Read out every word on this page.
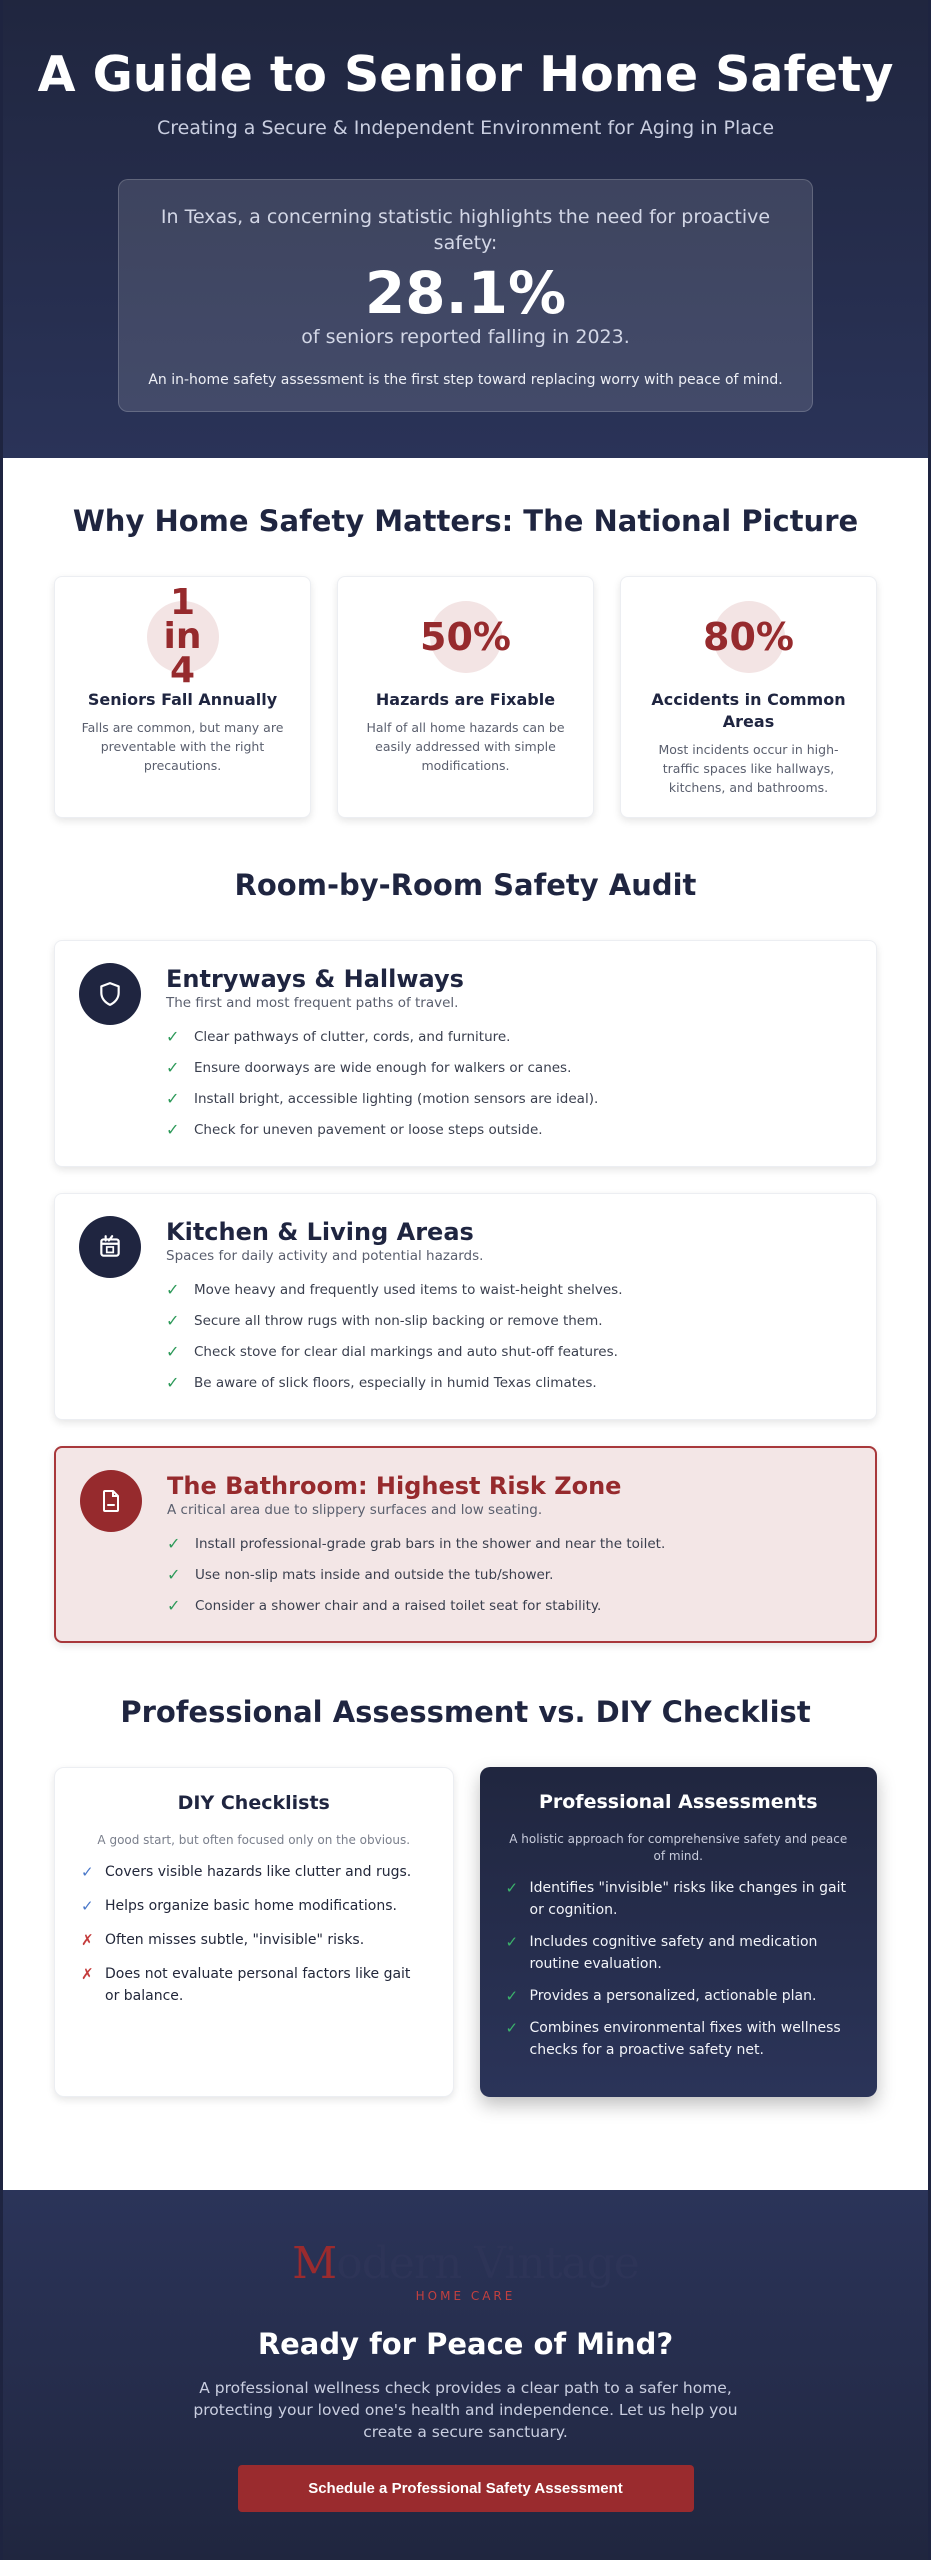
A Guide to Senior Home Safety
Creating a Secure & Independent Environment for Aging in Place
In Texas, a concerning statistic highlights the need for proactive safety:
28.1%
of seniors reported falling in 2023.
An in-home safety assessment is the first step toward replacing worry with peace of mind.
Why Home Safety Matters: The National Picture
1
in
4
Seniors Fall Annually

Falls are common, but many are preventable with the right precautions.

50%
Hazards are Fixable

Half of all home hazards can be easily addressed with simple modifications.

80%
Accidents in Common Areas

Most incidents occur in high-traffic spaces like hallways, kitchens, and bathrooms.

Room-by-Room Safety Audit
Entryways & Hallways
The first and most frequent paths of travel.
✓	Clear pathways of clutter, cords, and furniture.
✓	Ensure doorways are wide enough for walkers or canes.
✓	Install bright, accessible lighting (motion sensors are ideal).
✓	Check for uneven pavement or loose steps outside.
Kitchen & Living Areas
Spaces for daily activity and potential hazards.
✓	Move heavy and frequently used items to waist-height shelves.
✓	Secure all throw rugs with non-slip backing or remove them.
✓	Check stove for clear dial markings and auto shut-off features.
✓	Be aware of slick floors, especially in humid Texas climates.
The Bathroom: Highest Risk Zone
A critical area due to slippery surfaces and low seating.
✓	Install professional-grade grab bars in the shower and near the toilet.
✓	Use non-slip mats inside and outside the tub/shower.
✓	Consider a shower chair and a raised toilet seat for stability.
Professional Assessment vs. DIY Checklist
DIY Checklists
A good start, but often focused only on the obvious.
✓ Covers visible hazards like clutter and rugs.
✓ Helps organize basic home modifications.
✗ Often misses subtle, "invisible" risks.
✗ Does not evaluate personal factors like gait or balance.
Professional Assessments
A holistic approach for comprehensive safety and peace of mind.
✓ Identifies "invisible" risks like changes in gait or cognition.
✓ Includes cognitive safety and medication routine evaluation.
✓ Provides a personalized, actionable plan.
✓ Combines environmental fixes with wellness checks for a proactive safety net.
M odern Vintage
HOME CARE
Ready for Peace of Mind?

A professional wellness check provides a clear path to a safer home, protecting your loved one's health and independence. Let us help you create a secure sanctuary.

Schedule a Professional Safety Assessment
